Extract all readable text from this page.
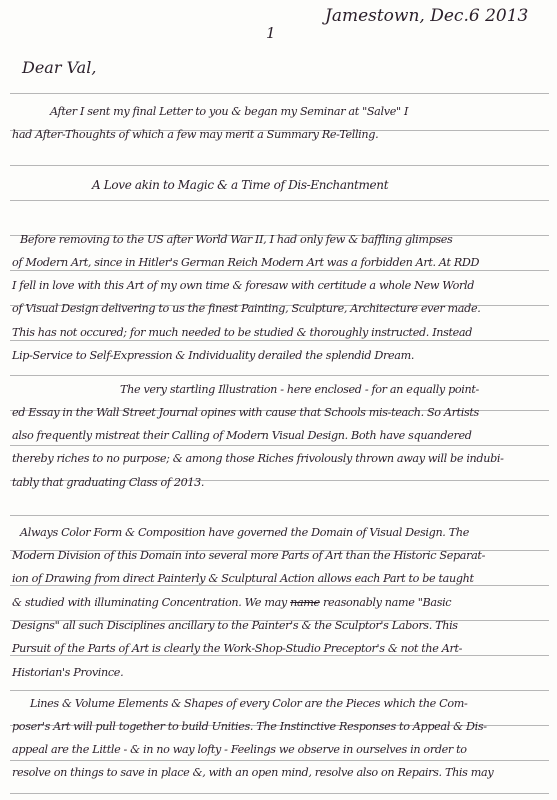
Jamestown, Dec.6 2013
1
Dear Val,
After I sent my final Letter to you & began my Seminar at "Salve" I
had After-Thoughts of which a few may merit a Summary Re-Telling.
A Love akin to Magic & a Time of Dis-Enchantment
Before removing to the US after World War II, I had only few & baffling glimpses
of Modern Art, since in Hitler's German Reich Modern Art was a forbidden Art. At RDD
I fell in love with this Art of my own time & foresaw with certitude a whole New World
of Visual Design delivering to us the finest Painting, Sculpture, Architecture ever made.
This has not occured; for much needed to be studied & thoroughly instructed. Instead
Lip-Service to Self-Expression & Individuality derailed the splendid Dream.
The very startling Illustration - here enclosed - for an equally point-
ed Essay in the Wall Street Journal opines with cause that Schools mis-teach. So Artists
also frequently mistreat their Calling of Modern Visual Design. Both have squandered
thereby riches to no purpose; & among those Riches frivolously thrown away will be indubi-
tably that graduating Class of 2013.
Always Color Form & Composition have governed the Domain of Visual Design. The
Modern Division of this Domain into several more Parts of Art than the Historic Separat-
ion of Drawing from direct Painterly & Sculptural Action allows each Part to be taught
& studied with illuminating Concentration. We may name reasonably name "Basic
Designs" all such Disciplines ancillary to the Painter's & the Sculptor's Labors. This
Pursuit of the Parts of Art is clearly the Work-Shop-Studio Preceptor's & not the Art-
Historian's Province.
Lines & Volume Elements & Shapes of every Color are the Pieces which the Com-
poser's Art will pull together to build Unities. The Instinctive Responses to Appeal & Dis-
appeal are the Little - & in no way lofty - Feelings we observe in ourselves in order to
resolve on things to save in place &, with an open mind, resolve also on Repairs. This may
